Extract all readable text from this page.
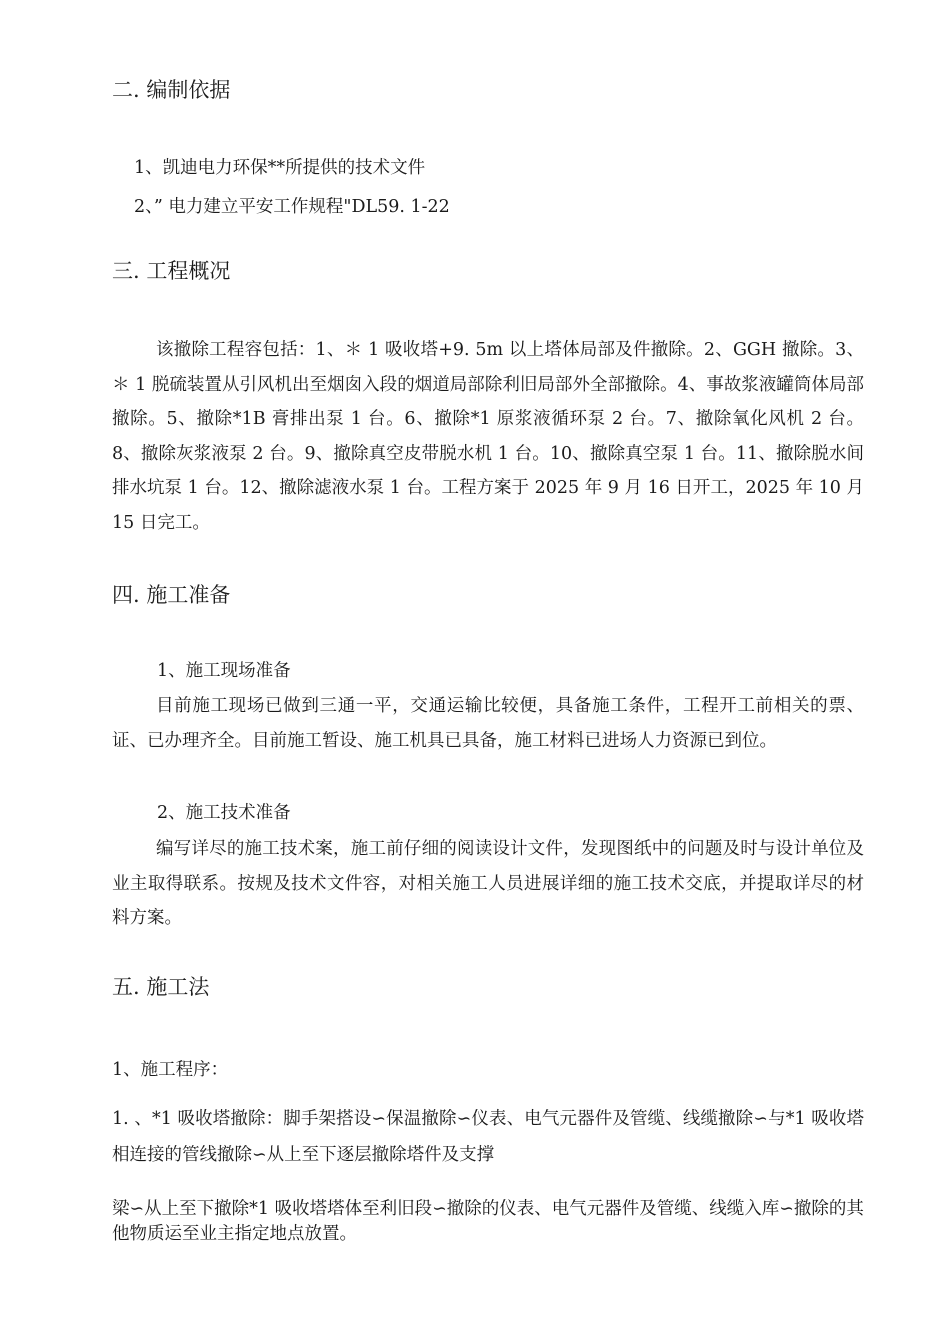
二. 编制依据

1、凯迪电力环保**所提供的技术文件

2、” 电力建立平安工作规程"DL59. 1-22

三. 工程概况

该撤除工程容包括：1、＊ 1 吸收塔+9. 5m 以上塔体局部及件撤除。2、GGH 撤除。3、＊ 1 脱硫装置从引风机出至烟囱入段的烟道局部除利旧局部外全部撤除。4、事故浆液罐筒体局部撤除。5、撤除*1B 膏排出泵 1 台。6、撤除*1 原浆液循环泵 2 台。7、撤除氧化风机 2 台。8、撤除灰浆液泵 2 台。9、撤除真空皮带脱水机 1 台。10、撤除真空泵 1 台。11、撤除脱水间排水坑泵 1 台。12、撤除滤液水泵 1 台。工程方案于 2025 年 9 月 16 日开工，2025 年 10 月 15 日完工。

四. 施工准备

1、施工现场准备

目前施工现场已做到三通一平，交通运输比较便，具备施工条件，工程开工前相关的票、证、已办理齐全。目前施工暂设、施工机具已具备，施工材料已进场人力资源已到位。

2、施工技术准备

编写详尽的施工技术案，施工前仔细的阅读设计文件，发现图纸中的问题及时与设计单位及业主取得联系。按规及技术文件容，对相关施工人员进展详细的施工技术交底，并提取详尽的材料方案。

五. 施工法

1、施工程序：

1. 、*1 吸收塔撤除：脚手架搭设∽保温撤除∽仪表、电气元器件及管缆、线缆撤除∽与*1 吸收塔相连接的管线撤除∽从上至下逐层撤除塔件及支撑

梁∽从上至下撤除*1 吸收塔塔体至利旧段∽撤除的仪表、电气元器件及管缆、线缆入库∽撤除的其他物质运至业主指定地点放置。
